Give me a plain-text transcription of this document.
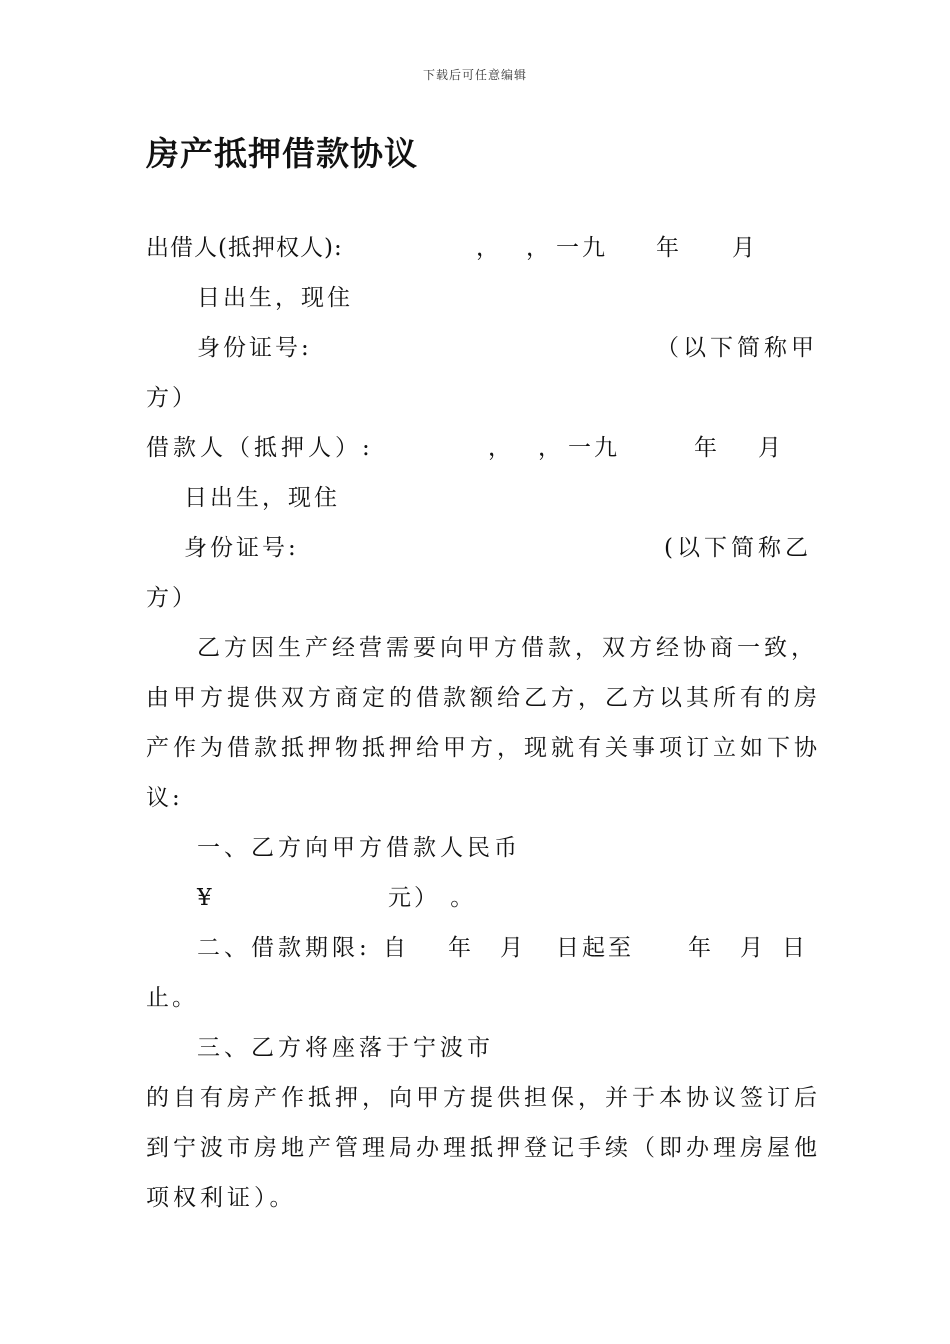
下载后可任意编辑
房产抵押借款协议
出借人(抵押权人):	， ， 一九 年 月
日出生，现住
身份证号:	（以下简称甲
方）
借款人（抵押人）:	， ， 一九	年 月
日出生，现住
身份证号:	(以下简称乙
方）
乙方因生产经营需要向甲方借款，双方经协商一致，
由甲方提供双方商定的借款额给乙方，乙方以其所有的房
产作为借款抵押物抵押给甲方，现就有关事项订立如下协
议:
一、乙方向甲方借款人民币
¥	元） 。
二、借款期限: 自 年 月 日起至 年 月 日
止。
三、乙方将座落于宁波市
的自有房产作抵押，向甲方提供担保，并于本协议签订后
到宁波市房地产管理局办理抵押登记手续（即办理房屋他
项权利证）。
